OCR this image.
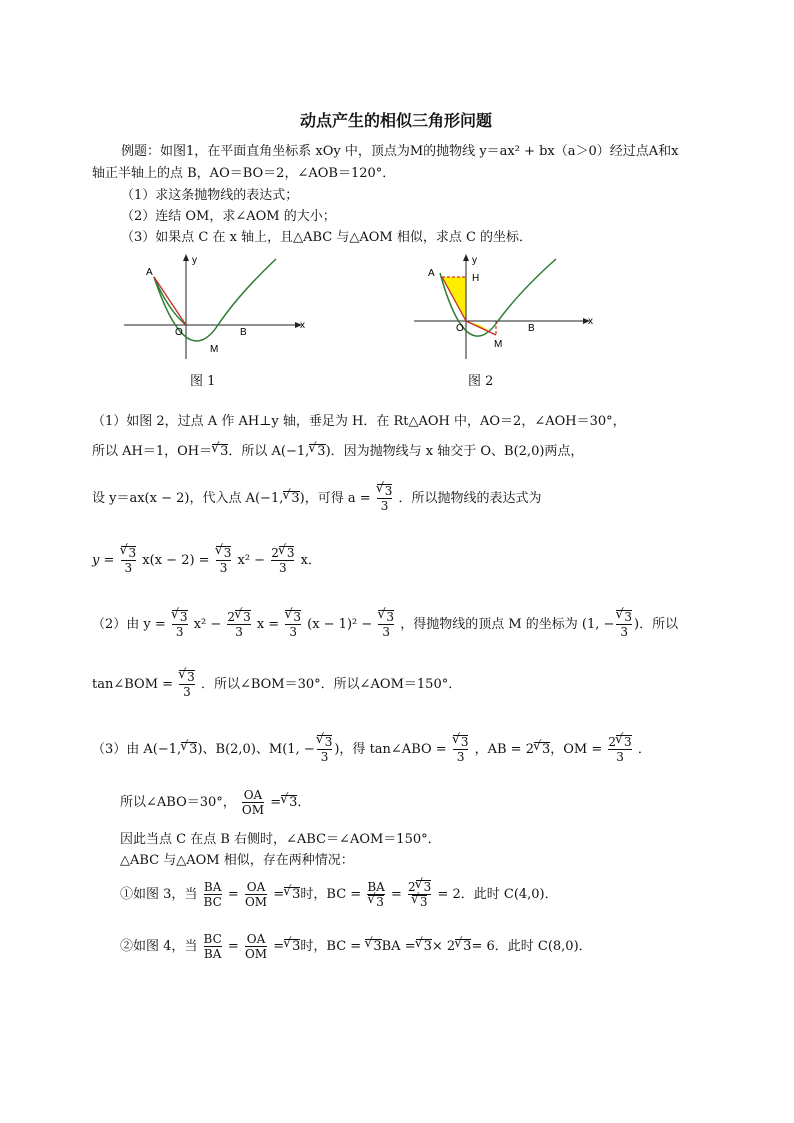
动点产生的相似三角形问题
例题：如图1，在平面直角坐标系 xOy 中，顶点为M的抛物线 y＝ax² + bx（a＞0）经过点A和x
轴正半轴上的点 B，AO＝BO＝2，∠AOB＝120°．
（1）求这条抛物线的表达式；
（2）连结 OM，求∠AOM 的大小；
（3）如果点 C 在 x 轴上，且△ABC 与△AOM 相似，求点 C 的坐标．
A
O	B
M
x
y
图 1
A	H
O	B
M
x
y
图 2
（1）如图 2，过点 A 作 AH⊥y 轴，垂足为 H．在 Rt△AOH 中，AO＝2，∠AOH＝30°，
所以 AH＝1，OH＝ √ 3．所以 A(−1, √ 3)．因为抛物线与 x 轴交于 O、B(2,0)两点，
设 y＝ax(x − 2)，代入点 A(−1, √ 3)，可得 a = √ $\frac{3}{3}$ ．所以抛物线的表达式为
y = √ $\frac{3}{3} x(x - 2)$ = √ $\frac{3}{3} x^2 - \frac{2 √ 3}{3}$ x．
（2）由 y = √ $\frac{3}{3} x^2 - \frac{2 √ 3}{3}$ x = √ $\frac{3}{3} (x - 1)^2$ − √ $\frac{3}{3}$ ，得抛物线的顶点 M 的坐标为 (1, − √ $\frac{3}{3}$ )．所以
tan∠BOM = √ $\frac{3}{3}$ ．所以∠BOM＝30°．所以∠AOM＝150°．
（3）由 A(−1, √ 3)、B(2,0)、M(1, − √ $\frac{3}{3}$ )，得 tan∠ABO = √ $\frac{3}{3}$ ，AB = 2 √ 3，OM = $\frac{2 √ 3}{3}$ ．
所以∠ABO＝30°， $\frac{OA}{OM}$ = √ 3．
因此当点 C 在点 B 右侧时，∠ABC＝∠AOM＝150°．
△ABC 与△AOM 相似，存在两种情况：
①如图 3，当 $\frac{BA}{BC} = \frac{OA}{OM}$ = √ 3时，BC = BA
√ 3 = 2 √ 3
√ 3 = 2．此时 C(4,0)．
②如图 4，当 $\frac{BC}{BA} = \frac{OA}{OM}$ = √ 3时，BC = √ 3BA = √ 3× 2 √ 3= 6．此时 C(8,0)．
